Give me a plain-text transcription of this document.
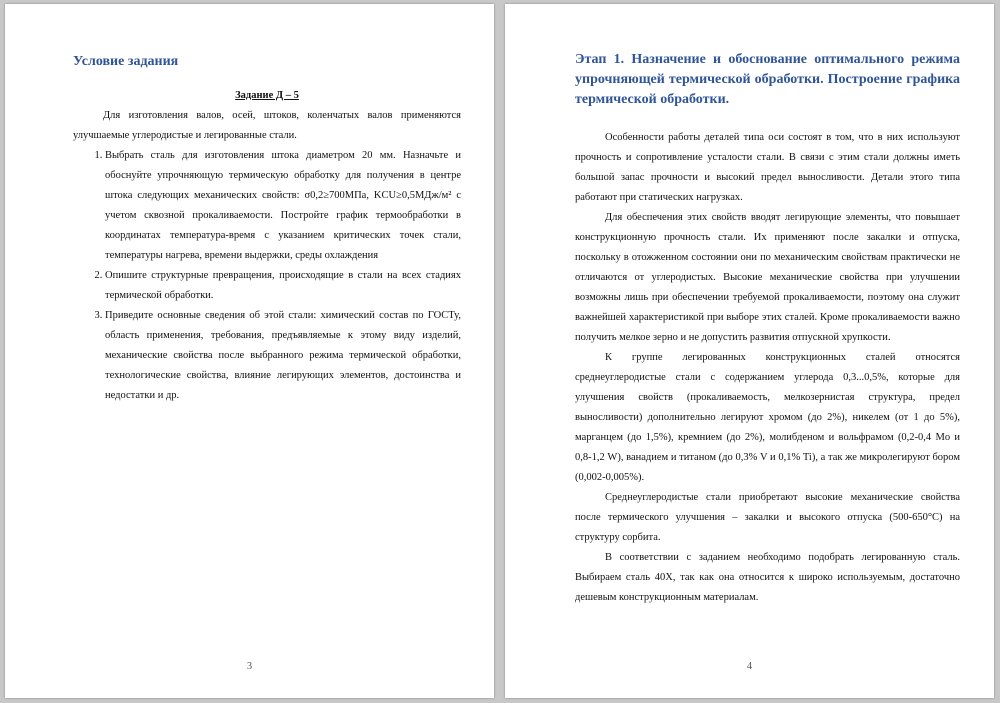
Условие задания

Задание Д – 5

Для изготовления валов, осей, штоков, коленчатых валов применяются улучшаемые углеродистые и легированные стали.

1. Выбрать сталь для изготовления штока диаметром 20 мм. Назначьте и обоснуйте упрочняющую термическую обработку для получения в центре штока следующих механических свойств: σ0,2≥700МПа, KCU≥0,5МДж/м² с учетом сквозной прокаливаемости. Постройте график термообработки в координатах температура-время с указанием критических точек стали, температуры нагрева, времени выдержки, среды охлаждения
2. Опишите структурные превращения, происходящие в стали на всех стадиях термической обработки.
3. Приведите основные сведения об этой стали: химический состав по ГОСТу, область применения, требования, предъявляемые к этому виду изделий, механические свойства после выбранного режима термической обработки, технологические свойства, влияние легирующих элементов, достоинства и недостатки и др.
3
Этап 1. Назначение и обоснование оптимального режима упрочняющей термической обработки. Построение графика термической обработки.

Особенности работы деталей типа оси состоят в том, что в них используют прочность и сопротивление усталости стали. В связи с этим стали должны иметь большой запас прочности и высокий предел выносливости. Детали этого типа работают при статических нагрузках.

Для обеспечения этих свойств вводят легирующие элементы, что повышает конструкционную прочность стали. Их применяют после закалки и отпуска, поскольку в отожженном состоянии они по механическим свойствам практически не отличаются от углеродистых. Высокие механические свойства при улучшении возможны лишь при обеспечении требуемой прокаливаемости, поэтому она служит важнейшей характеристикой при выборе этих сталей. Кроме прокаливаемости важно получить мелкое зерно и не допустить развития отпускной хрупкости.

К группе легированных конструкционных сталей относятся среднеуглеродистые стали с содержанием углерода 0,3...0,5%, которые для улучшения свойств (прокаливаемость, мелкозернистая структура, предел выносливости) дополнительно легируют хромом (до 2%), никелем (от 1 до 5%), марганцем (до 1,5%), кремнием (до 2%), молибденом и вольфрамом (0,2-0,4 Mo и 0,8-1,2 W), ванадием и титаном (до 0,3% V и 0,1% Ti), а так же микролегируют бором (0,002-0,005%).

Среднеуглеродистые стали приобретают высокие механические свойства после термического улучшения – закалки и высокого отпуска (500-650°C) на структуру сорбита.

В соответствии с заданием необходимо подобрать легированную сталь. Выбираем сталь 40Х, так как она относится к широко используемым, достаточно дешевым конструкционным материалам.

4
